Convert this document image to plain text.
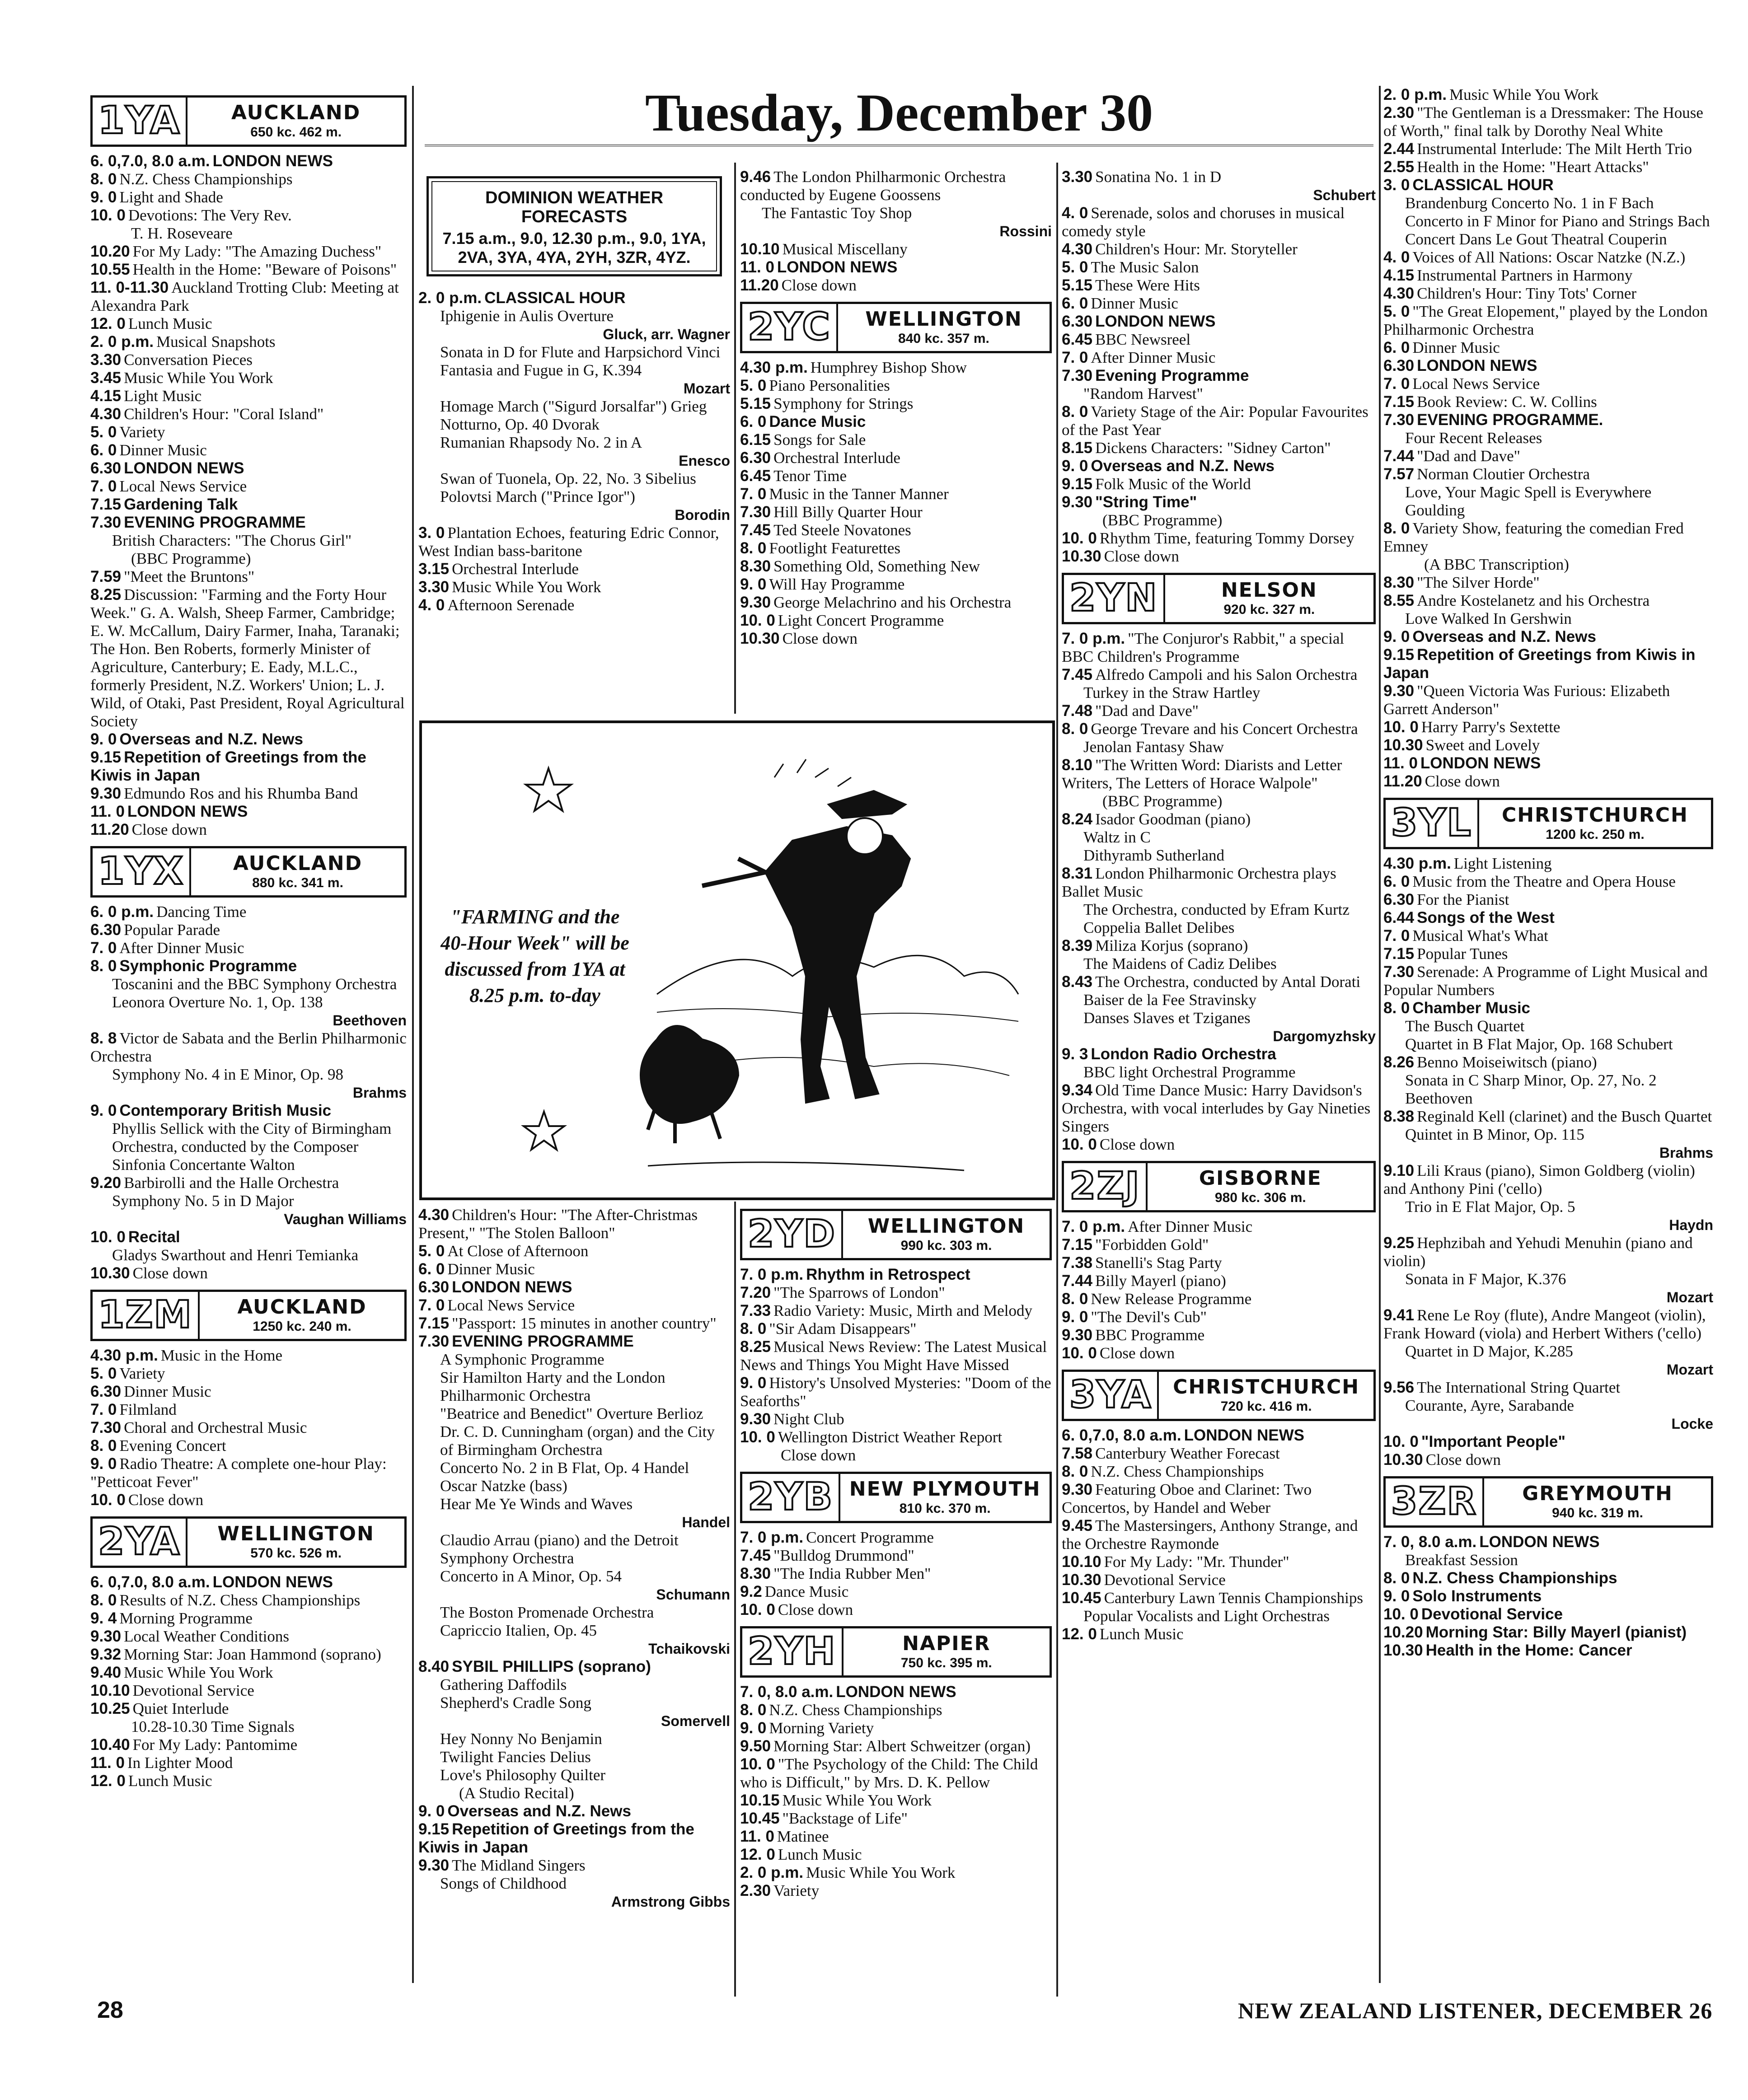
Tuesday, December 30
1YA	AUCKLAND
650 kc. 462 m.
6. 0,7.0, 8.0 a.m. LONDON NEWS
8. 0 N.Z. Chess Championships
9. 0 Light and Shade
10. 0 Devotions: The Very Rev.
T. H. Roseveare
10.20 For My Lady: "The Amazing Duchess"
10.55 Health in the Home: "Beware of Poisons"
11. 0-11.30 Auckland Trotting Club: Meeting at Alexandra Park
12. 0 Lunch Music
2. 0 p.m. Musical Snapshots
3.30 Conversation Pieces
3.45 Music While You Work
4.15 Light Music
4.30 Children's Hour: "Coral Island"
5. 0 Variety
6. 0 Dinner Music
6.30 LONDON NEWS
7. 0 Local News Service
7.15 Gardening Talk
7.30 EVENING PROGRAMME
British Characters: "The Chorus Girl"
(BBC Programme)
7.59 "Meet the Bruntons"
8.25 Discussion: "Farming and the Forty Hour Week." G. A. Walsh, Sheep Farmer, Cambridge; E. W. McCallum, Dairy Farmer, Inaha, Taranaki; The Hon. Ben Roberts, formerly Minister of Agriculture, Canterbury; E. Eady, M.L.C., formerly President, N.Z. Workers' Union; L. J. Wild, of Otaki, Past President, Royal Agricultural Society
9. 0 Overseas and N.Z. News
9.15 Repetition of Greetings from the Kiwis in Japan
9.30 Edmundo Ros and his Rhumba Band
11. 0 LONDON NEWS
11.20 Close down
1YX	AUCKLAND
880 kc. 341 m.
6. 0 p.m. Dancing Time
6.30 Popular Parade
7. 0 After Dinner Music
8. 0 Symphonic Programme
Toscanini and the BBC Symphony Orchestra
Leonora Overture No. 1, Op. 138
Beethoven
8. 8 Victor de Sabata and the Berlin Philharmonic Orchestra
Symphony No. 4 in E Minor, Op. 98
Brahms
9. 0 Contemporary British Music
Phyllis Sellick with the City of Birmingham Orchestra, conducted by the Composer
Sinfonia Concertante Walton
9.20 Barbirolli and the Halle Orchestra
Symphony No. 5 in D Major
Vaughan Williams
10. 0 Recital
Gladys Swarthout and Henri Temianka
10.30 Close down
1ZM	AUCKLAND
1250 kc. 240 m.
4.30 p.m. Music in the Home
5. 0 Variety
6.30 Dinner Music
7. 0 Filmland
7.30 Choral and Orchestral Music
8. 0 Evening Concert
9. 0 Radio Theatre: A complete one-hour Play: "Petticoat Fever"
10. 0 Close down
2YA	WELLINGTON
570 kc. 526 m.
6. 0,7.0, 8.0 a.m. LONDON NEWS
8. 0 Results of N.Z. Chess Championships
9. 4 Morning Programme
9.30 Local Weather Conditions
9.32 Morning Star: Joan Hammond (soprano)
9.40 Music While You Work
10.10 Devotional Service
10.25 Quiet Interlude
10.28-10.30 Time Signals
10.40 For My Lady: Pantomime
11. 0 In Lighter Mood
12. 0 Lunch Music
DOMINION WEATHER FORECASTS
7.15 a.m., 9.0, 12.30 p.m., 9.0, 1YA, 2VA, 3YA, 4YA, 2YH, 3ZR, 4YZ.
2. 0 p.m. CLASSICAL HOUR
Iphigenie in Aulis Overture
Gluck, arr. Wagner
Sonata in D for Flute and Harpsichord Vinci
Fantasia and Fugue in G, K.394
Mozart
Homage March ("Sigurd Jorsalfar") Grieg
Notturno, Op. 40 Dvorak
Rumanian Rhapsody No. 2 in A
Enesco
Swan of Tuonela, Op. 22, No. 3 Sibelius
Polovtsi March ("Prince Igor")
Borodin
3. 0 Plantation Echoes, featuring Edric Connor, West Indian bass-baritone
3.15 Orchestral Interlude
3.30 Music While You Work
4. 0 Afternoon Serenade
"FARMING and the 40-Hour Week" will be discussed from 1YA at 8.25 p.m. to-day
4.30 Children's Hour: "The After-Christmas Present," "The Stolen Balloon"
5. 0 At Close of Afternoon
6. 0 Dinner Music
6.30 LONDON NEWS
7. 0 Local News Service
7.15 "Passport: 15 minutes in another country"
7.30 EVENING PROGRAMME
A Symphonic Programme
Sir Hamilton Harty and the London Philharmonic Orchestra
"Beatrice and Benedict" Overture Berlioz
Dr. C. D. Cunningham (organ) and the City of Birmingham Orchestra
Concerto No. 2 in B Flat, Op. 4 Handel
Oscar Natzke (bass)
Hear Me Ye Winds and Waves
Handel
Claudio Arrau (piano) and the Detroit Symphony Orchestra
Concerto in A Minor, Op. 54
Schumann
The Boston Promenade Orchestra
Capriccio Italien, Op. 45
Tchaikovski
8.40 SYBIL PHILLIPS (soprano)
Gathering Daffodils
Shepherd's Cradle Song
Somervell
Hey Nonny No Benjamin
Twilight Fancies Delius
Love's Philosophy Quilter
(A Studio Recital)
9. 0 Overseas and N.Z. News
9.15 Repetition of Greetings from the Kiwis in Japan
9.30 The Midland Singers
Songs of Childhood
Armstrong Gibbs
9.46 The London Philharmonic Orchestra conducted by Eugene Goossens
The Fantastic Toy Shop
Rossini
10.10 Musical Miscellany
11. 0 LONDON NEWS
11.20 Close down
2YC	WELLINGTON
840 kc. 357 m.
4.30 p.m. Humphrey Bishop Show
5. 0 Piano Personalities
5.15 Symphony for Strings
6. 0 Dance Music
6.15 Songs for Sale
6.30 Orchestral Interlude
6.45 Tenor Time
7. 0 Music in the Tanner Manner
7.30 Hill Billy Quarter Hour
7.45 Ted Steele Novatones
8. 0 Footlight Featurettes
8.30 Something Old, Something New
9. 0 Will Hay Programme
9.30 George Melachrino and his Orchestra
10. 0 Light Concert Programme
10.30 Close down
2YD	WELLINGTON
990 kc. 303 m.
7. 0 p.m. Rhythm in Retrospect
7.20 "The Sparrows of London"
7.33 Radio Variety: Music, Mirth and Melody
8. 0 "Sir Adam Disappears"
8.25 Musical News Review: The Latest Musical News and Things You Might Have Missed
9. 0 History's Unsolved Mysteries: "Doom of the Seaforths"
9.30 Night Club
10. 0 Wellington District Weather Report
Close down
2YB NEW PLYMOUTH
810 kc. 370 m.
7. 0 p.m. Concert Programme
7.45 "Bulldog Drummond"
8.30 "The India Rubber Men"
9.2 Dance Music
10. 0 Close down
2YH	NAPIER
750 kc. 395 m.
7. 0, 8.0 a.m. LONDON NEWS
8. 0 N.Z. Chess Championships
9. 0 Morning Variety
9.50 Morning Star: Albert Schweitzer (organ)
10. 0 "The Psychology of the Child: The Child who is Difficult," by Mrs. D. K. Pellow
10.15 Music While You Work
10.45 "Backstage of Life"
11. 0 Matinee
12. 0 Lunch Music
2. 0 p.m. Music While You Work
2.30 Variety
3.30 Sonatina No. 1 in D
Schubert
4. 0 Serenade, solos and choruses in musical comedy style
4.30 Children's Hour: Mr. Storyteller
5. 0 The Music Salon
5.15 These Were Hits
6. 0 Dinner Music
6.30 LONDON NEWS
6.45 BBC Newsreel
7. 0 After Dinner Music
7.30 Evening Programme
"Random Harvest"
8. 0 Variety Stage of the Air: Popular Favourites of the Past Year
8.15 Dickens Characters: "Sidney Carton"
9. 0 Overseas and N.Z. News
9.15 Folk Music of the World
9.30 "String Time"
(BBC Programme)
10. 0 Rhythm Time, featuring Tommy Dorsey
10.30 Close down
2YN	NELSON
920 kc. 327 m.
7. 0 p.m. "The Conjuror's Rabbit," a special BBC Children's Programme
7.45 Alfredo Campoli and his Salon Orchestra
Turkey in the Straw Hartley
7.48 "Dad and Dave"
8. 0 George Trevare and his Concert Orchestra
Jenolan Fantasy Shaw
8.10 "The Written Word: Diarists and Letter Writers, The Letters of Horace Walpole"
(BBC Programme)
8.24 Isador Goodman (piano)
Waltz in C
Dithyramb Sutherland
8.31 London Philharmonic Orchestra plays Ballet Music
The Orchestra, conducted by Efram Kurtz
Coppelia Ballet Delibes
8.39 Miliza Korjus (soprano)
The Maidens of Cadiz Delibes
8.43 The Orchestra, conducted by Antal Dorati
Baiser de la Fee Stravinsky
Danses Slaves et Tziganes
Dargomyzhsky
9. 3 London Radio Orchestra
BBC light Orchestral Programme
9.34 Old Time Dance Music: Harry Davidson's Orchestra, with vocal interludes by Gay Nineties Singers
10. 0 Close down
2ZJ	GISBORNE
980 kc. 306 m.
7. 0 p.m. After Dinner Music
7.15 "Forbidden Gold"
7.38 Stanelli's Stag Party
7.44 Billy Mayerl (piano)
8. 0 New Release Programme
9. 0 "The Devil's Cub"
9.30 BBC Programme
10. 0 Close down
3YA	CHRISTCHURCH
720 kc. 416 m.
6. 0,7.0, 8.0 a.m. LONDON NEWS
7.58 Canterbury Weather Forecast
8. 0 N.Z. Chess Championships
9.30 Featuring Oboe and Clarinet: Two Concertos, by Handel and Weber
9.45 The Mastersingers, Anthony Strange, and the Orchestre Raymonde
10.10 For My Lady: "Mr. Thunder"
10.30 Devotional Service
10.45 Canterbury Lawn Tennis Championships
Popular Vocalists and Light Orchestras
12. 0 Lunch Music
2. 0 p.m. Music While You Work
2.30 "The Gentleman is a Dressmaker: The House of Worth," final talk by Dorothy Neal White
2.44 Instrumental Interlude: The Milt Herth Trio
2.55 Health in the Home: "Heart Attacks"
3. 0 CLASSICAL HOUR
Brandenburg Concerto No. 1 in F Bach
Concerto in F Minor for Piano and Strings Bach
Concert Dans Le Gout Theatral Couperin
4. 0 Voices of All Nations: Oscar Natzke (N.Z.)
4.15 Instrumental Partners in Harmony
4.30 Children's Hour: Tiny Tots' Corner
5. 0 "The Great Elopement," played by the London Philharmonic Orchestra
6. 0 Dinner Music
6.30 LONDON NEWS
7. 0 Local News Service
7.15 Book Review: C. W. Collins
7.30 EVENING PROGRAMME.
Four Recent Releases
7.44 "Dad and Dave"
7.57 Norman Cloutier Orchestra
Love, Your Magic Spell is Everywhere Goulding
8. 0 Variety Show, featuring the comedian Fred Emney
(A BBC Transcription)
8.30 "The Silver Horde"
8.55 Andre Kostelanetz and his Orchestra
Love Walked In Gershwin
9. 0 Overseas and N.Z. News
9.15 Repetition of Greetings from Kiwis in Japan
9.30 "Queen Victoria Was Furious: Elizabeth Garrett Anderson"
10. 0 Harry Parry's Sextette
10.30 Sweet and Lovely
11. 0 LONDON NEWS
11.20 Close down
3YL	CHRISTCHURCH
1200 kc. 250 m.
4.30 p.m. Light Listening
6. 0 Music from the Theatre and Opera House
6.30 For the Pianist
6.44 Songs of the West
7. 0 Musical What's What
7.15 Popular Tunes
7.30 Serenade: A Programme of Light Musical and Popular Numbers
8. 0 Chamber Music
The Busch Quartet
Quartet in B Flat Major, Op. 168 Schubert
8.26 Benno Moiseiwitsch (piano)
Sonata in C Sharp Minor, Op. 27, No. 2 Beethoven
8.38 Reginald Kell (clarinet) and the Busch Quartet
Quintet in B Minor, Op. 115
Brahms
9.10 Lili Kraus (piano), Simon Goldberg (violin) and Anthony Pini ('cello)
Trio in E Flat Major, Op. 5
Haydn
9.25 Hephzibah and Yehudi Menuhin (piano and violin)
Sonata in F Major, K.376
Mozart
9.41 Rene Le Roy (flute), Andre Mangeot (violin), Frank Howard (viola) and Herbert Withers ('cello)
Quartet in D Major, K.285
Mozart
9.56 The International String Quartet
Courante, Ayre, Sarabande
Locke
10. 0 "Important People"
10.30 Close down
3ZR	GREYMOUTH
940 kc. 319 m.
7. 0, 8.0 a.m. LONDON NEWS
Breakfast Session
8. 0 N.Z. Chess Championships
9. 0 Solo Instruments
10. 0 Devotional Service
10.20 Morning Star: Billy Mayerl (pianist)
10.30 Health in the Home: Cancer
28	NEW ZEALAND LISTENER, DECEMBER 26
